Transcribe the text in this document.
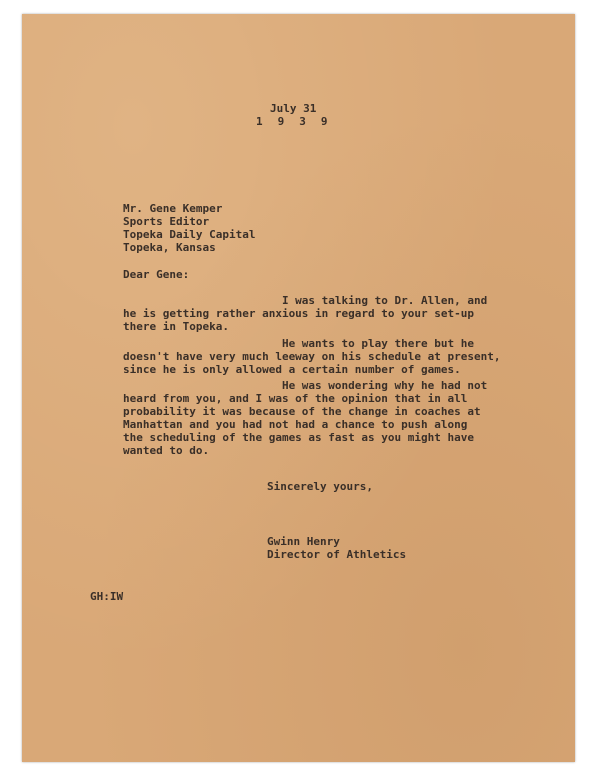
July 31
1939
Mr. Gene Kemper
Sports Editor
Topeka Daily Capital
Topeka, Kansas
Dear Gene:

I was talking to Dr. Allen, and

he is getting rather anxious in regard to your set-up

there in Topeka.

He wants to play there but he

doesn't have very much leeway on his schedule at present,

since he is only allowed a certain number of games.

He was wondering why he had not

heard from you, and I was of the opinion that in all

probability it was because of the change in coaches at

Manhattan and you had not had a chance to push along

the scheduling of the games as fast as you might have

wanted to do.

Sincerely yours,
Gwinn Henry
Director of Athletics
GH:IW
